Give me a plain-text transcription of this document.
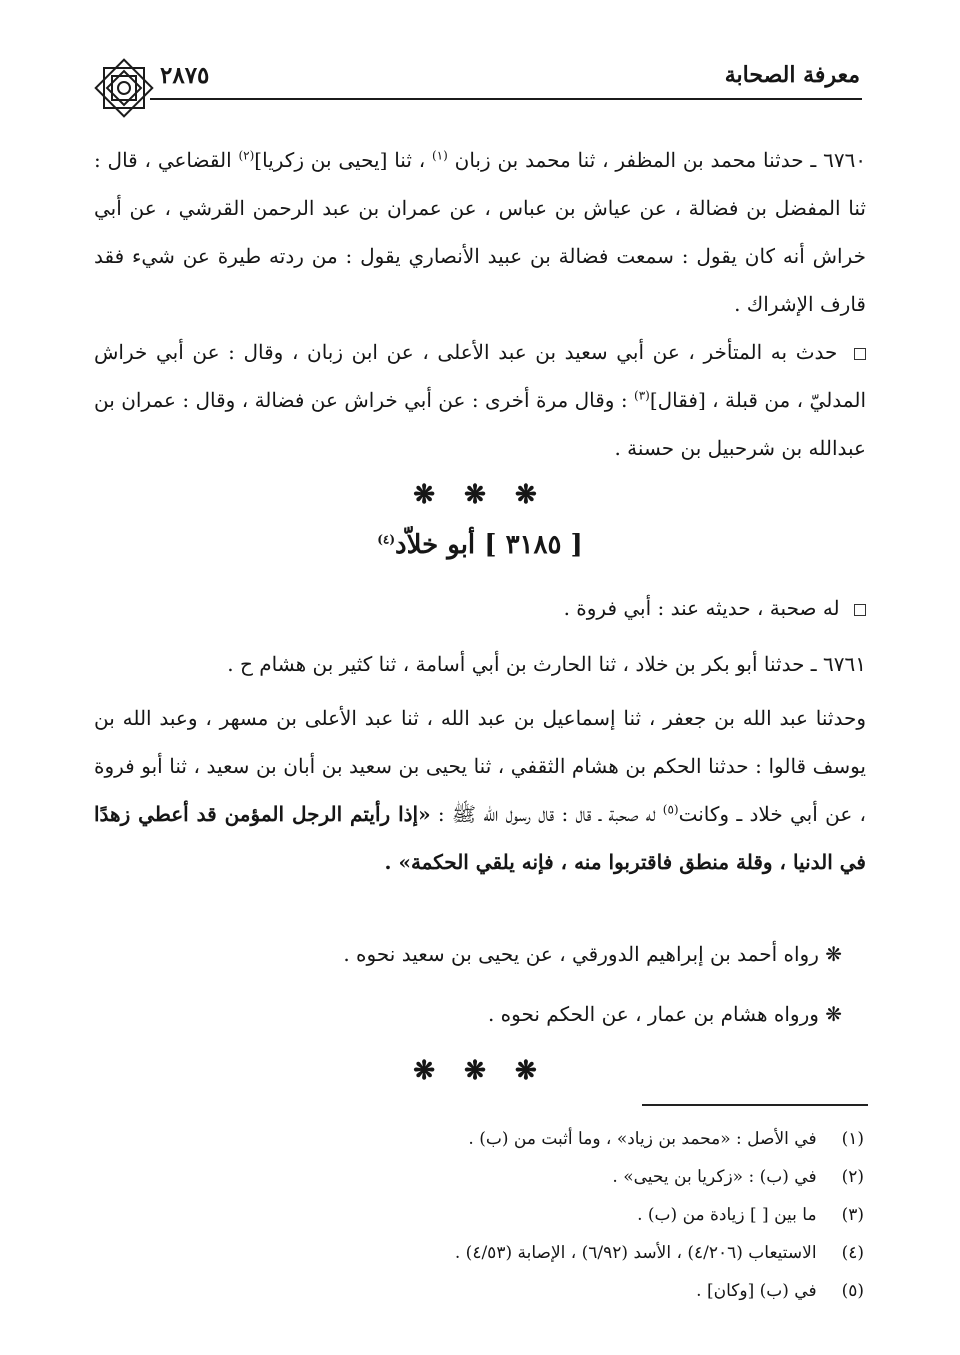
معرفة الصحابة
٢٨٧٥
٦٧٦٠ ـ حدثنا محمد بن المظفر ، ثنا محمد بن زبان $^{(١)}$ ، ثنا [يحيى بن زكريا]$^{(٢)}$ القضاعي ، قال : ثنا المفضل بن فضالة ، عن عياش بن عباس ، عن عمران بن عبد الرحمن القرشي ، عن أبي خراش أنه كان يقول : سمعت فضالة بن عبيد الأنصاري يقول : من ردته طيرة عن شيء فقد قارف الإشراك .
حدث به المتأخر ، عن أبي سعيد بن عبد الأعلى ، عن ابن زبان ، وقال : عن أبي خراش المدليّ ، من قبلة ، [فقال]$^{(٣)}$ : وقال مرة أخرى : عن أبي خراش عن فضالة ، وقال : عمران بن عبدالله بن شرحبيل بن حسنة .
❋ ❋ ❋
[ ٣١٨٥ ] أبو خلاّد$^{(٤)}$
له صحبة ، حديثه عند : أبي فروة .
٦٧٦١ ـ حدثنا أبو بكر بن خلاد ، ثنا الحارث بن أبي أسامة ، ثنا كثير بن هشام ح .
وحدثنا عبد الله بن جعفر ، ثنا إسماعيل بن عبد الله ، ثنا عبد الأعلى بن مسهر ، وعبد الله بن يوسف قالوا : حدثنا الحكم بن هشام الثقفي ، ثنا يحيى بن سعيد بن أبان بن سعيد ، ثنا أبو فروة ، عن أبي خلاد ـ وكانت$^{(٥)}$ له صحبة ـ قال : قال رسول الله ﷺ : «إذا رأيتم الرجل المؤمن قد أعطي زهدًا في الدنيا ، وقلة منطق فاقتربوا منه ، فإنه يلقي الحكمة» .
❋ رواه أحمد بن إبراهيم الدورقي ، عن يحيى بن سعيد نحوه .
❋ ورواه هشام بن عمار ، عن الحكم نحوه .
❋ ❋ ❋
(١) في الأصل : «محمد بن زياد» ، وما أثبت من (ب) .
(٢) في (ب) : «زكريا بن يحيى» .
(٣) ما بين [ ] زيادة من (ب) .
(٤) الاستيعاب (٤/٢٠٦) ، الأسد (٦/٩٢) ، الإصابة (٤/٥٣) .
(٥) في (ب) [وكان] .
